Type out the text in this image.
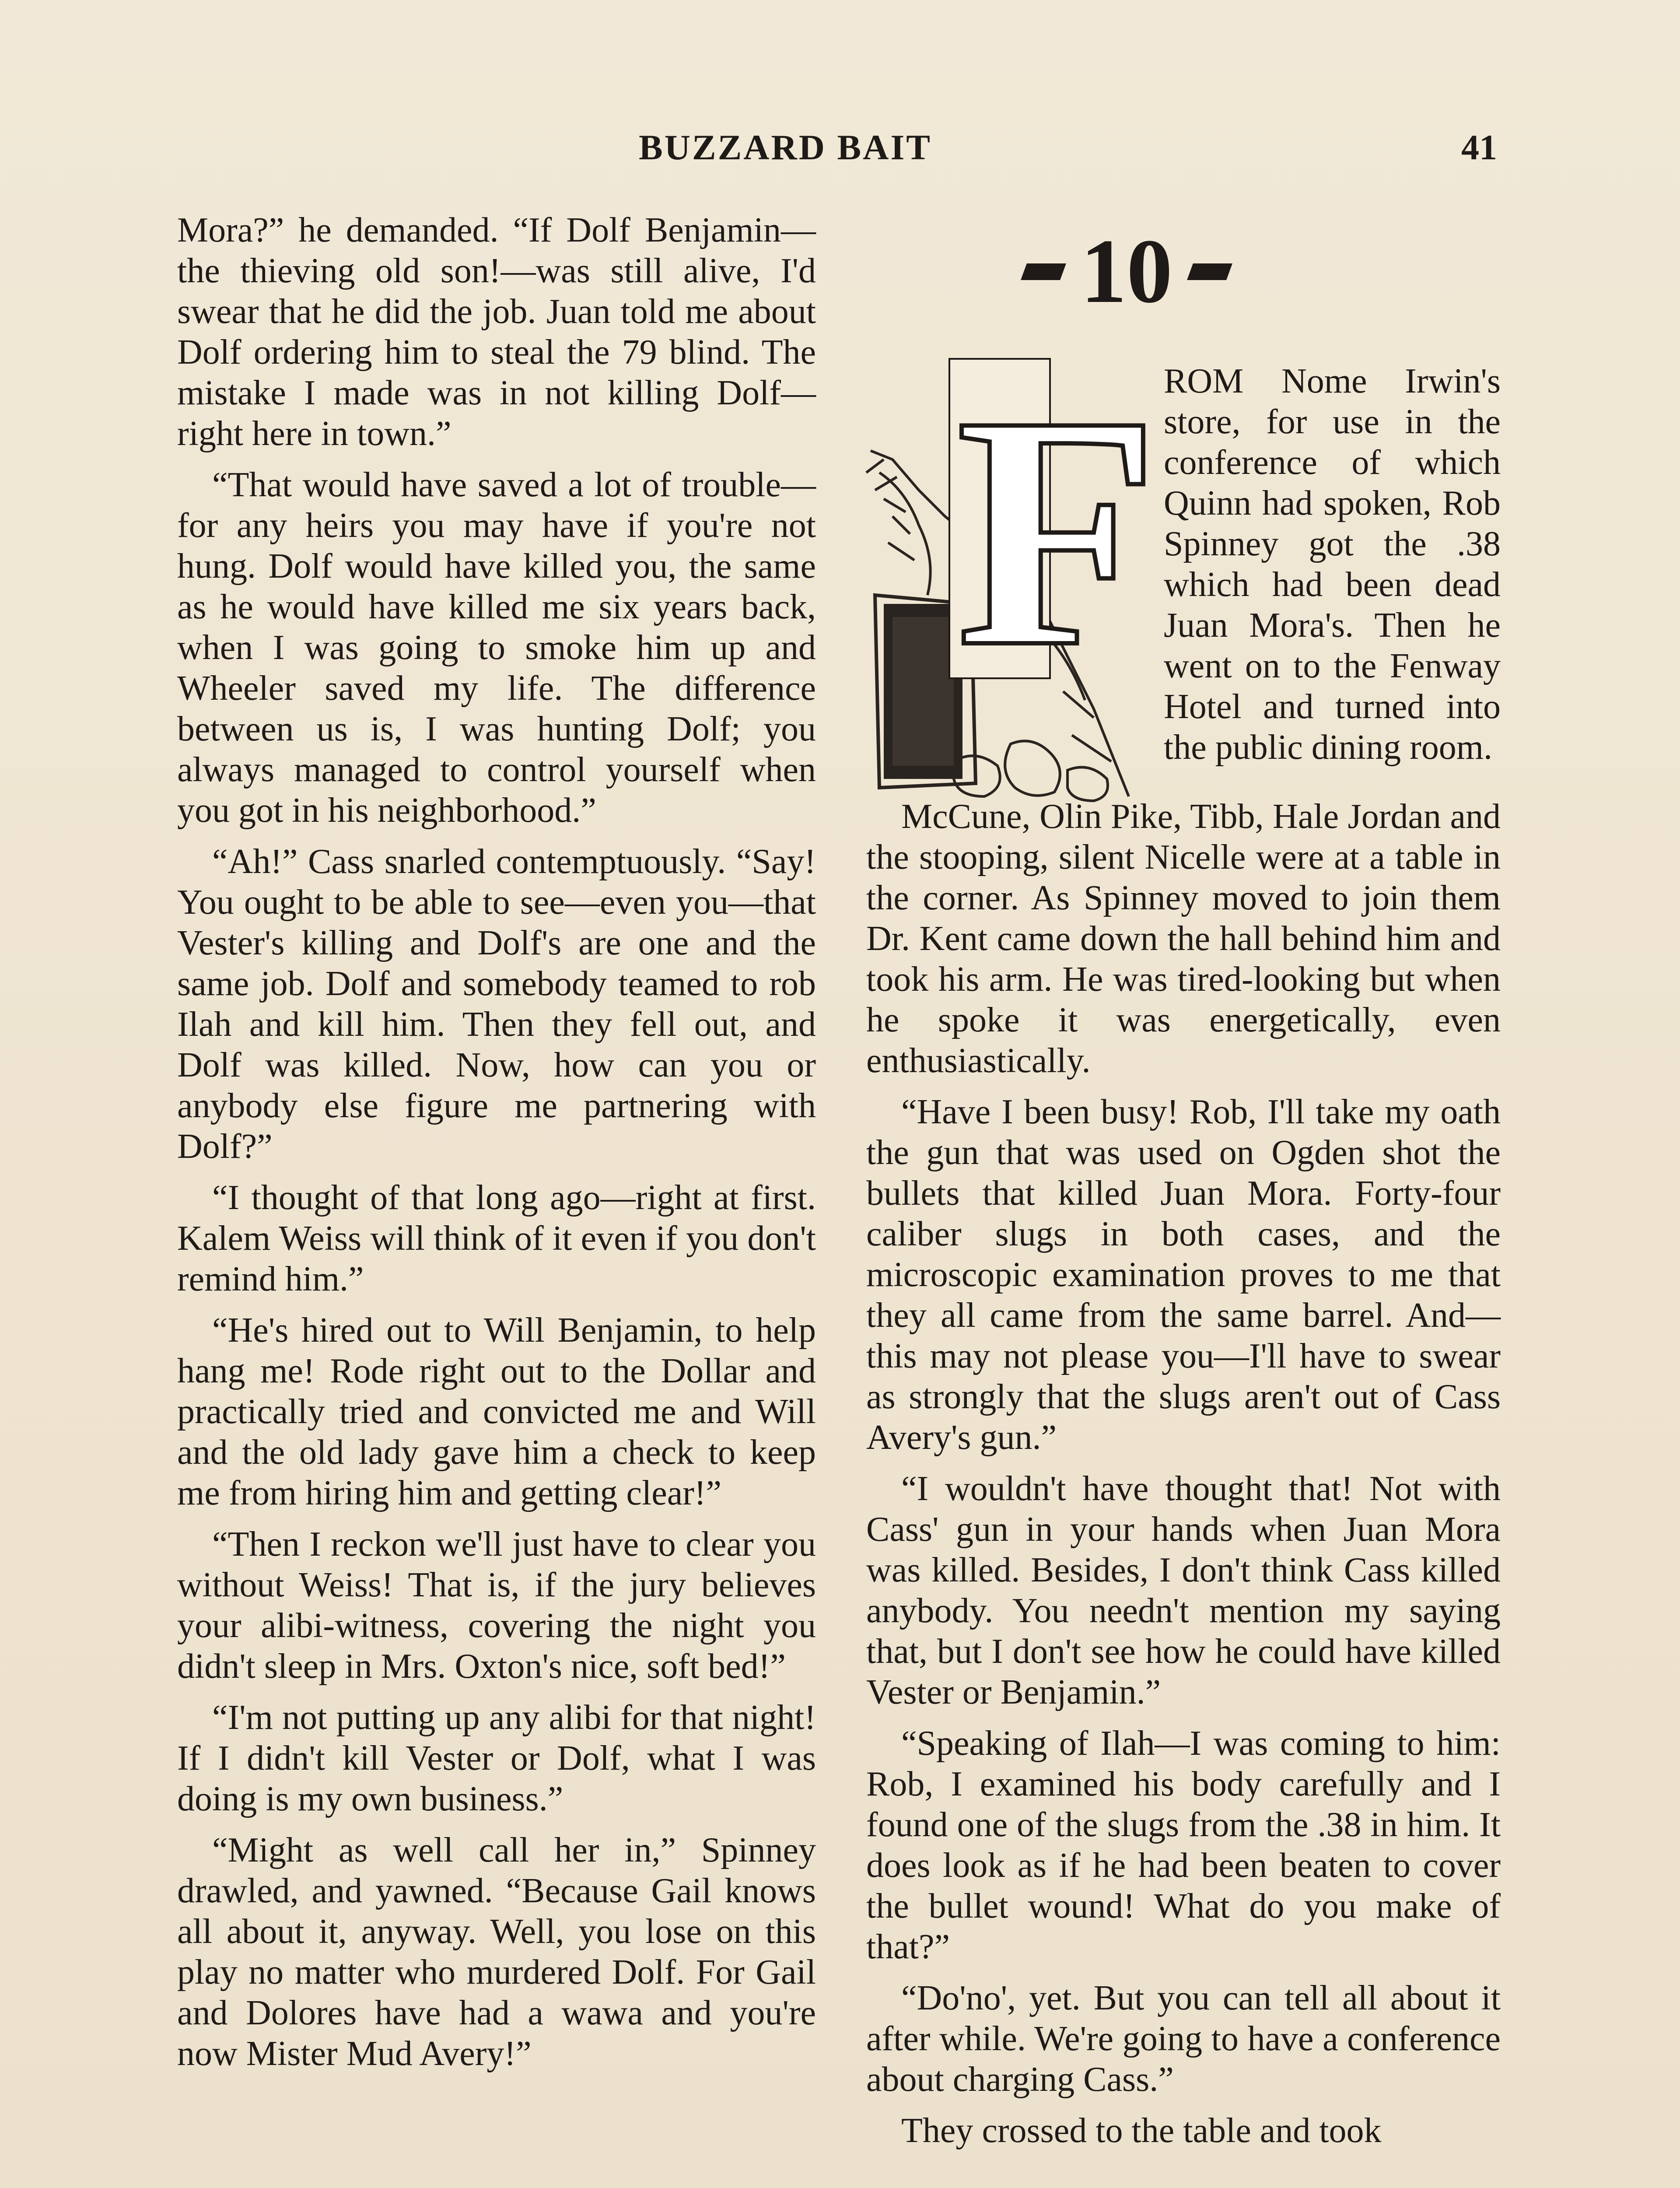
BUZZARD BAIT	41

Mora?” he demanded. “If Dolf Benjamin—the thieving old son!—was still alive, I'd swear that he did the job. Juan told me about Dolf ordering him to steal the 79 blind. The mistake I made was in not killing Dolf—right here in town.”

“That would have saved a lot of trouble—for any heirs you may have if you're not hung. Dolf would have killed you, the same as he would have killed me six years back, when I was going to smoke him up and Wheeler saved my life. The difference between us is, I was hunting Dolf; you always managed to control yourself when you got in his neighborhood.”

“Ah!” Cass snarled contemptuously. “Say! You ought to be able to see—even you—that Vester's killing and Dolf's are one and the same job. Dolf and somebody teamed to rob Ilah and kill him. Then they fell out, and Dolf was killed. Now, how can you or anybody else figure me partnering with Dolf?”

“I thought of that long ago—right at first. Kalem Weiss will think of it even if you don't remind him.”

“He's hired out to Will Benjamin, to help hang me! Rode right out to the Dollar and practically tried and convicted me and Will and the old lady gave him a check to keep me from hiring him and getting clear!”

“Then I reckon we'll just have to clear you without Weiss! That is, if the jury believes your alibi-witness, covering the night you didn't sleep in Mrs. Oxton's nice, soft bed!”

“I'm not putting up any alibi for that night! If I didn't kill Vester or Dolf, what I was doing is my own business.”

“Might as well call her in,” Spinney drawled, and yawned. “Because Gail knows all about it, anyway. Well, you lose on this play no matter who murdered Dolf. For Gail and Dolores have had a wawa and you're now Mister Mud Avery!”

10
F ROM Nome Irwin's store, for use in the conference of which Quinn had spoken, Rob Spinney got the .38 which had been dead Juan Mora's. Then he went on to the Fenway Hotel and turned into the public dining room.

McCune, Olin Pike, Tibb, Hale Jordan and the stooping, silent Nicelle were at a table in the corner. As Spinney moved to join them Dr. Kent came down the hall behind him and took his arm. He was tired-looking but when he spoke it was energetically, even enthusiastically.

“Have I been busy! Rob, I'll take my oath the gun that was used on Ogden shot the bullets that killed Juan Mora. Forty-four caliber slugs in both cases, and the microscopic examination proves to me that they all came from the same barrel. And—this may not please you—I'll have to swear as strongly that the slugs aren't out of Cass Avery's gun.”

“I wouldn't have thought that! Not with Cass' gun in your hands when Juan Mora was killed. Besides, I don't think Cass killed anybody. You needn't mention my saying that, but I don't see how he could have killed Vester or Benjamin.”

“Speaking of Ilah—I was coming to him: Rob, I examined his body carefully and I found one of the slugs from the .38 in him. It does look as if he had been beaten to cover the bullet wound! What do you make of that?”

“Do'no', yet. But you can tell all about it after while. We're going to have a conference about charging Cass.”

They crossed to the table and took
